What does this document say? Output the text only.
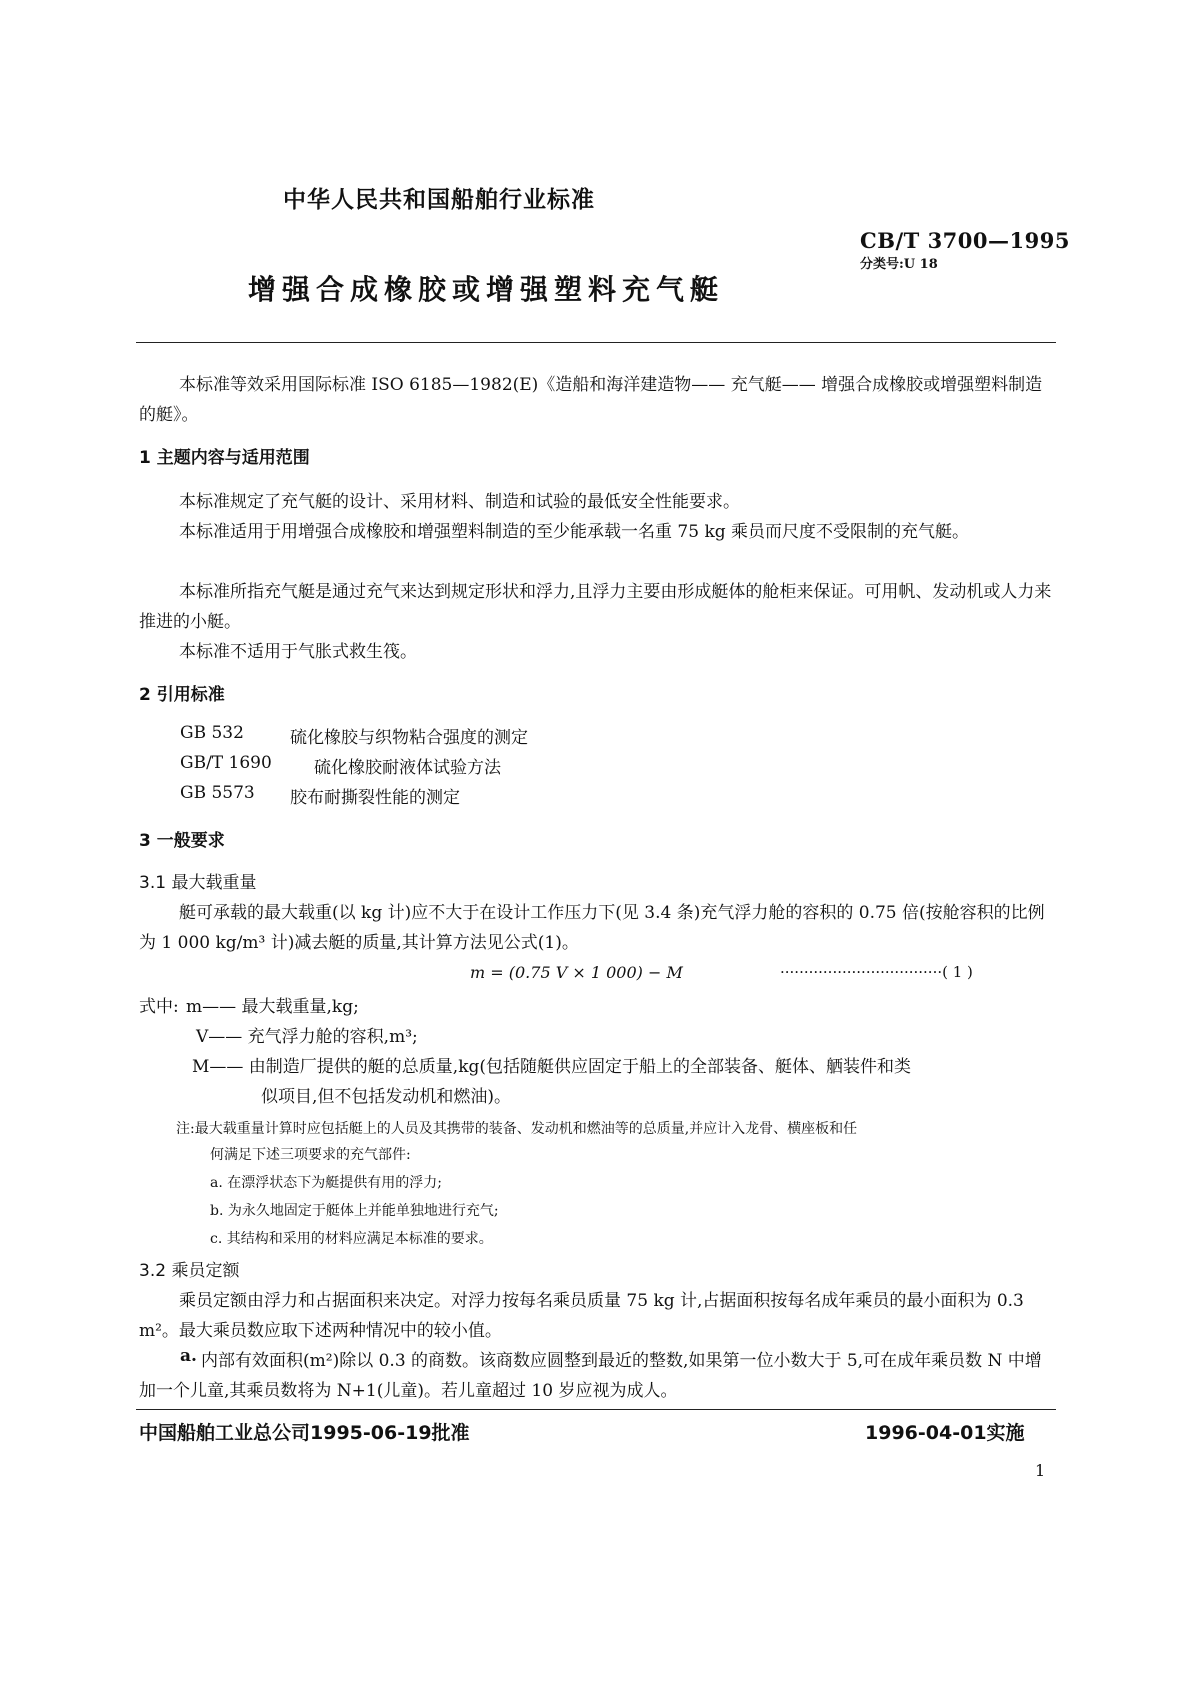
中华人民共和国船舶行业标准
CB/T 3700—1995
分类号:U 18
增强合成橡胶或增强塑料充气艇
本标准等效采用国际标准 ISO 6185—1982(E)《造船和海洋建造物—— 充气艇—— 增强合成橡胶或增强塑料制造的艇》。
1 主题内容与适用范围
本标准规定了充气艇的设计、采用材料、制造和试验的最低安全性能要求。
本标准适用于用增强合成橡胶和增强塑料制造的至少能承载一名重 75 kg 乘员而尺度不受限制的充气艇。
本标准所指充气艇是通过充气来达到规定形状和浮力,且浮力主要由形成艇体的舱柜来保证。可用帆、发动机或人力来推进的小艇。
本标准不适用于气胀式救生筏。
2 引用标准
GB 532	硫化橡胶与织物粘合强度的测定
GB/T 1690 硫化橡胶耐液体试验方法
GB 5573 胶布耐撕裂性能的测定
3 一般要求
3.1 最大载重量
艇可承载的最大载重(以 kg 计)应不大于在设计工作压力下(见 3.4 条)充气浮力舱的容积的 0.75 倍(按舱容积的比例为 1 000 kg/m³ 计)减去艇的质量,其计算方法见公式(1)。
m = (0.75 V × 1 000) − M	··································( 1 )
式中: m—— 最大载重量,kg;
V—— 充气浮力舱的容积,m³;
M—— 由制造厂提供的艇的总质量,kg(包括随艇供应固定于船上的全部装备、艇体、舾装件和类
似项目,但不包括发动机和燃油)。
注:最大载重量计算时应包括艇上的人员及其携带的装备、发动机和燃油等的总质量,并应计入龙骨、横座板和任
何满足下述三项要求的充气部件:
a. 在漂浮状态下为艇提供有用的浮力;
b. 为永久地固定于艇体上并能单独地进行充气;
c. 其结构和采用的材料应满足本标准的要求。
3.2 乘员定额
乘员定额由浮力和占据面积来决定。对浮力按每名乘员质量 75 kg 计,占据面积按每名成年乘员的最小面积为 0.3 m²。最大乘员数应取下述两种情况中的较小值。
a. 内部有效面积(m²)除以 0.3 的商数。该商数应圆整到最近的整数,如果第一位小数大于 5,可在成年乘员数 N 中增加一个儿童,其乘员数将为 N+1(儿童)。若儿童超过 10 岁应视为成人。
中国船舶工业总公司1995-06-19批准	1996-04-01实施
1
